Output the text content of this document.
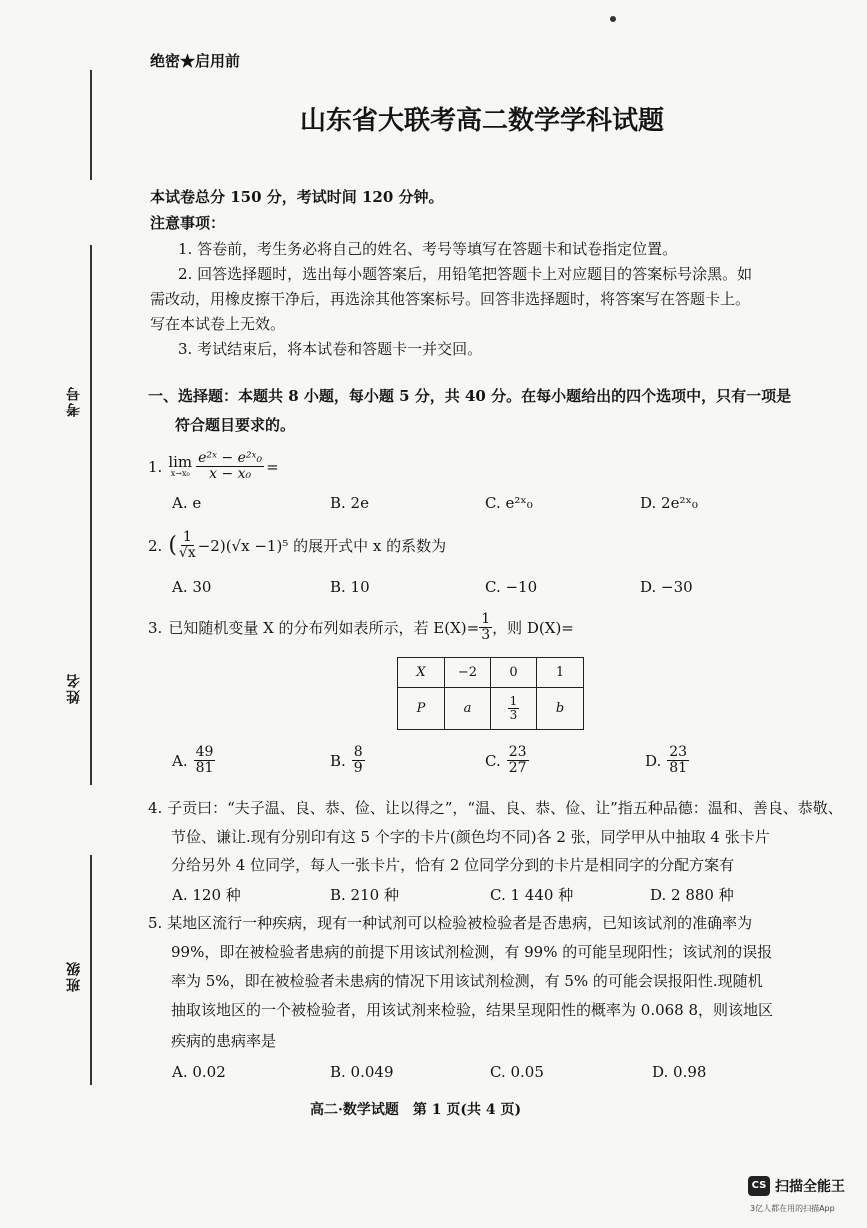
绝密★启用前
山东省大联考高二数学学科试题
考号
姓名
班级
本试卷总分 150 分，考试时间 120 分钟。
注意事项：
1. 答卷前，考生务必将自己的姓名、考号等填写在答题卡和试卷指定位置。
2. 回答选择题时，选出每小题答案后，用铅笔把答题卡上对应题目的答案标号涂黑。如
需改动，用橡皮擦干净后，再选涂其他答案标号。回答非选择题时，将答案写在答题卡上。
写在本试卷上无效。
3. 考试结束后，将本试卷和答题卡一并交回。
一、选择题：本题共 8 小题，每小题 5 分，共 40 分。在每小题给出的四个选项中，只有一项是
符合题目要求的。
1. lim
$x\to x_0 \frac{\text{e²ˣ − e²ˣ₀}}{\text{x − x₀}}$ =
A. e	B. 2e	C. e²ˣ₀	D. 2e²ˣ₀
2. ( $\frac{1}{√x} -2)(√x -1)^5$ 的展开式中 x 的系数为
A. 30	B. 10	C. −10	D. −30
3. 已知随机变量 X 的分布列如表所示，若 $E(X)= \frac{1}{3}$ ，则 D(X)=
X	−2	0	1
P	a	$\frac{1}{3}$	b
A. $\frac{49}{81}$	B. $\frac{8}{9}$	C. $\frac{23}{27}$	D. $\frac{23}{81}$
4. 子贡曰：“夫子温、良、恭、俭、让以得之”，“温、良、恭、俭、让”指五种品德：温和、善良、恭敬、
节俭、谦让.现有分别印有这 5 个字的卡片(颜色均不同)各 2 张，同学甲从中抽取 4 张卡片
分给另外 4 位同学，每人一张卡片，恰有 2 位同学分到的卡片是相同字的分配方案有
A. 120 种	B. 210 种	C. 1 440 种	D. 2 880 种
5. 某地区流行一种疾病，现有一种试剂可以检验被检验者是否患病，已知该试剂的准确率为
99%，即在被检验者患病的前提下用该试剂检测，有 99% 的可能呈现阳性；该试剂的误报
率为 5%，即在被检验者未患病的情况下用该试剂检测，有 5% 的可能会误报阳性.现随机
抽取该地区的一个被检验者，用该试剂来检验，结果呈现阳性的概率为 0.068 8，则该地区
疾病的患病率是
A. 0.02	B. 0.049	C. 0.05	D. 0.98
高二·数学试题　第 1 页(共 4 页)
CS 扫描全能王
3亿人都在用的扫描App
